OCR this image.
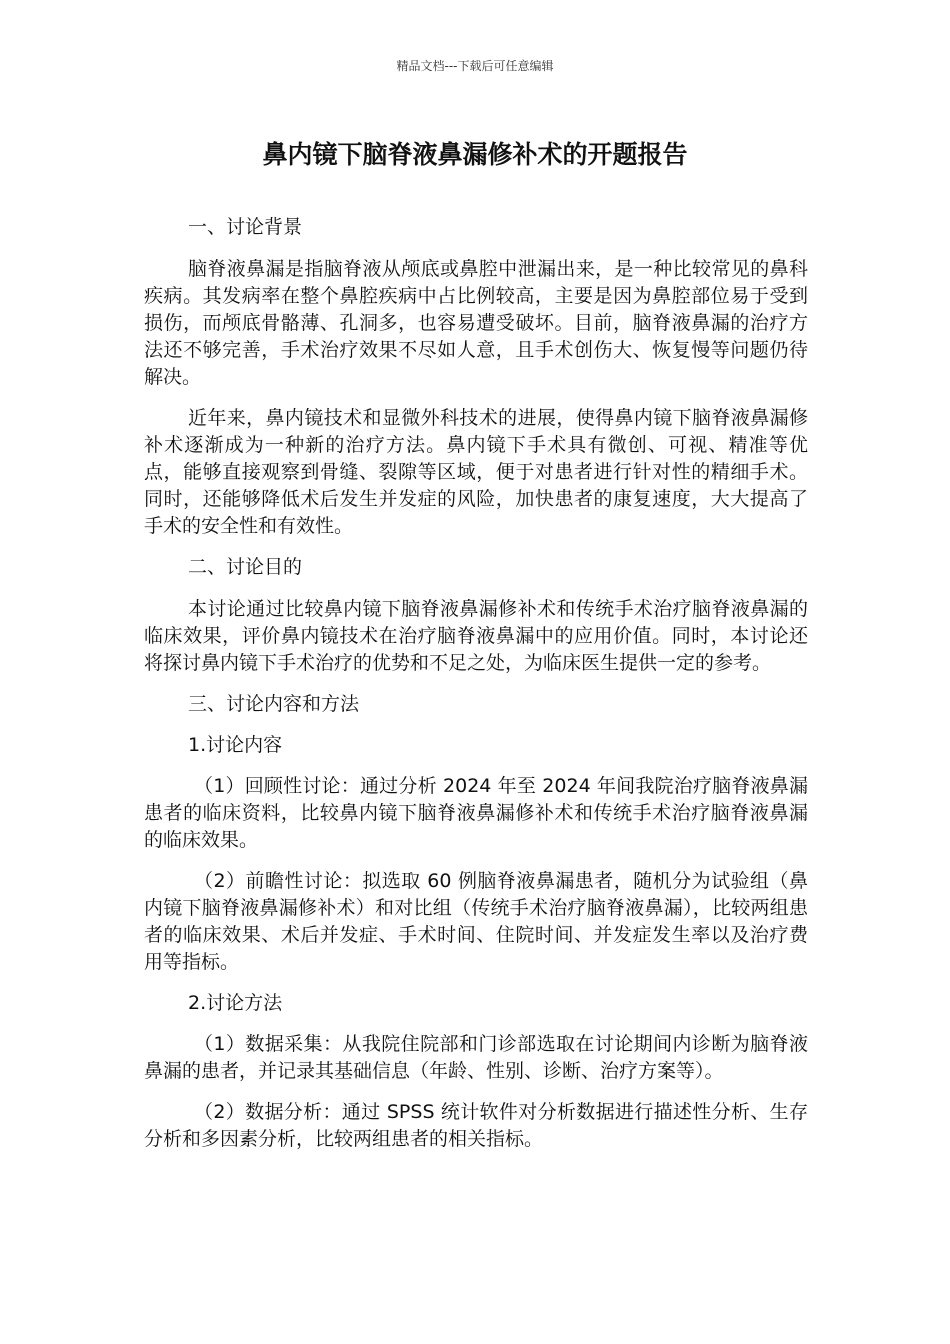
精品文档---下载后可任意编辑
鼻内镜下脑脊液鼻漏修补术的开题报告

一、讨论背景

脑脊液鼻漏是指脑脊液从颅底或鼻腔中泄漏出来，是一种比较常见的鼻科疾病。其发病率在整个鼻腔疾病中占比例较高，主要是因为鼻腔部位易于受到损伤，而颅底骨骼薄、孔洞多，也容易遭受破坏。目前，脑脊液鼻漏的治疗方法还不够完善，手术治疗效果不尽如人意，且手术创伤大、恢复慢等问题仍待解决。

近年来，鼻内镜技术和显微外科技术的进展，使得鼻内镜下脑脊液鼻漏修补术逐渐成为一种新的治疗方法。鼻内镜下手术具有微创、可视、精准等优点，能够直接观察到骨缝、裂隙等区域，便于对患者进行针对性的精细手术。同时，还能够降低术后发生并发症的风险，加快患者的康复速度，大大提高了手术的安全性和有效性。

二、讨论目的

本讨论通过比较鼻内镜下脑脊液鼻漏修补术和传统手术治疗脑脊液鼻漏的临床效果，评价鼻内镜技术在治疗脑脊液鼻漏中的应用价值。同时，本讨论还将探讨鼻内镜下手术治疗的优势和不足之处，为临床医生提供一定的参考。

三、讨论内容和方法

1.讨论内容

（1）回顾性讨论：通过分析 2024 年至 2024 年间我院治疗脑脊液鼻漏患者的临床资料，比较鼻内镜下脑脊液鼻漏修补术和传统手术治疗脑脊液鼻漏的临床效果。

（2）前瞻性讨论：拟选取 60 例脑脊液鼻漏患者，随机分为试验组（鼻内镜下脑脊液鼻漏修补术）和对比组（传统手术治疗脑脊液鼻漏），比较两组患者的临床效果、术后并发症、手术时间、住院时间、并发症发生率以及治疗费用等指标。

2.讨论方法

（1）数据采集：从我院住院部和门诊部选取在讨论期间内诊断为脑脊液鼻漏的患者，并记录其基础信息（年龄、性别、诊断、治疗方案等）。

（2）数据分析：通过 SPSS 统计软件对分析数据进行描述性分析、生存分析和多因素分析，比较两组患者的相关指标。
